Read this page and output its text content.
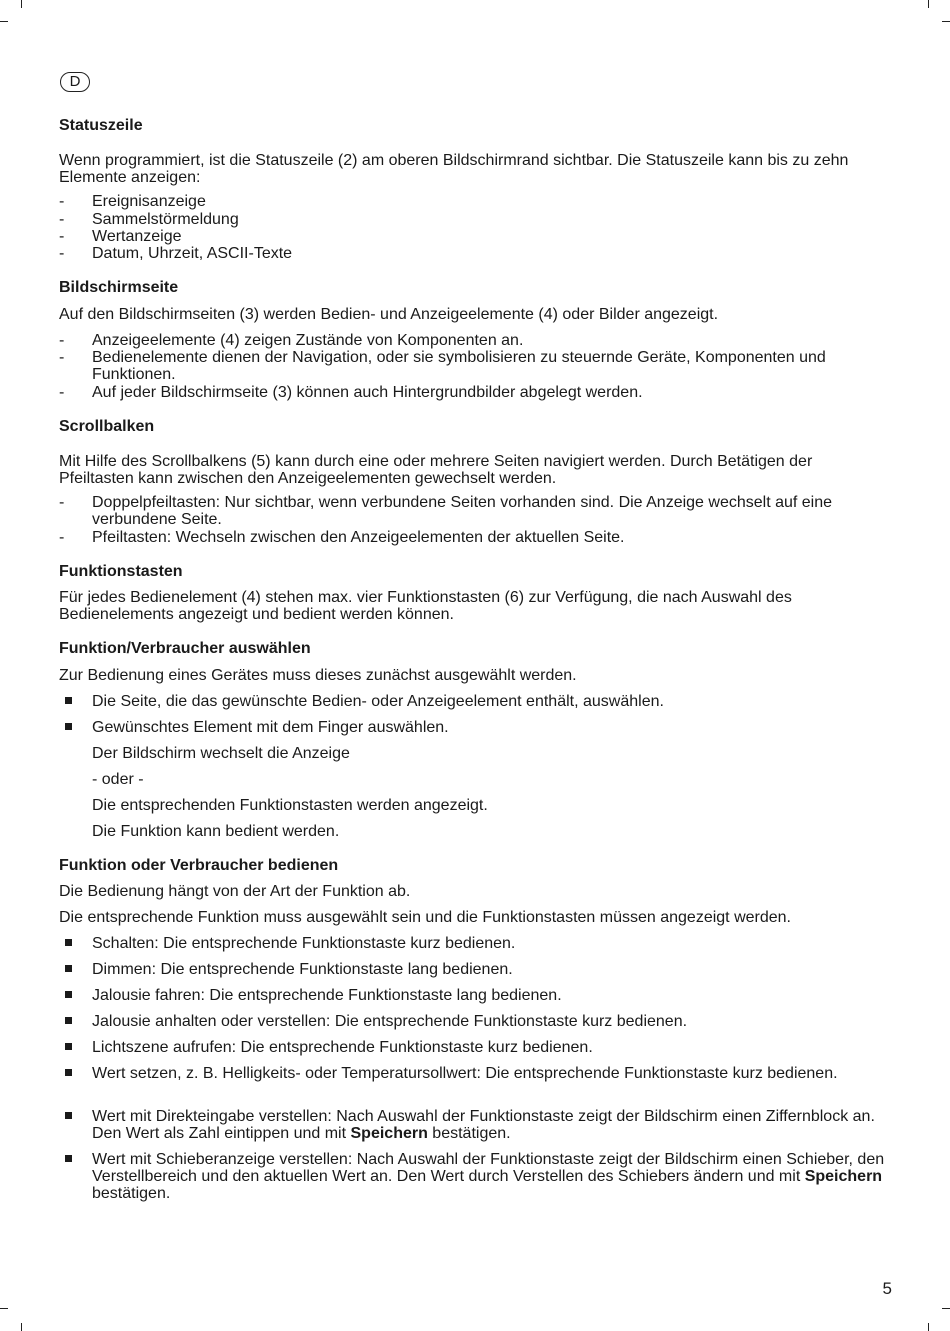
D
Statuszeile

Wenn programmiert, ist die Statuszeile (2) am oberen Bildschirmrand sichtbar. Die Statuszeile kann bis zu zehn Elemente anzeigen:

-	Ereignisanzeige
-	Sammelstörmeldung
-	Wertanzeige
-	Datum, Uhrzeit, ASCII-Texte
Bildschirmseite

Auf den Bildschirmseiten (3) werden Bedien- und Anzeigeelemente (4) oder Bilder angezeigt.

-	Anzeigeelemente (4) zeigen Zustände von Komponenten an.
-	Bedienelemente dienen der Navigation, oder sie symbolisieren zu steuernde Geräte, Komponenten und Funktionen.
-	Auf jeder Bildschirmseite (3) können auch Hintergrundbilder abgelegt werden.
Scrollbalken

Mit Hilfe des Scrollbalkens (5) kann durch eine oder mehrere Seiten navigiert werden. Durch Betätigen der Pfeiltasten kann zwischen den Anzeigeelementen gewechselt werden.

-	Doppelpfeiltasten: Nur sichtbar, wenn verbundene Seiten vorhanden sind. Die Anzeige wechselt auf eine verbundene Seite.
-	Pfeiltasten: Wechseln zwischen den Anzeigeelementen der aktuellen Seite.
Funktionstasten

Für jedes Bedienelement (4) stehen max. vier Funktionstasten (6) zur Verfügung, die nach Auswahl des Bedienelements angezeigt und bedient werden können.

Funktion/Verbraucher auswählen

Zur Bedienung eines Gerätes muss dieses zunächst ausgewählt werden.

Die Seite, die das gewünschte Bedien- oder Anzeigeelement enthält, auswählen.
Gewünschtes Element mit dem Finger auswählen.

Der Bildschirm wechselt die Anzeige

- oder -

Die entsprechenden Funktionstasten werden angezeigt.

Die Funktion kann bedient werden.

Funktion oder Verbraucher bedienen

Die Bedienung hängt von der Art der Funktion ab.

Die entsprechende Funktion muss ausgewählt sein und die Funktionstasten müssen angezeigt werden.

Schalten: Die entsprechende Funktionstaste kurz bedienen.
Dimmen: Die entsprechende Funktionstaste lang bedienen.
Jalousie fahren: Die entsprechende Funktionstaste lang bedienen.
Jalousie anhalten oder verstellen: Die entsprechende Funktionstaste kurz bedienen.
Lichtszene aufrufen: Die entsprechende Funktionstaste kurz bedienen.
Wert setzen, z. B. Helligkeits- oder Temperatursollwert: Die entsprechende Funktionstaste kurz bedienen.
Wert mit Direkteingabe verstellen: Nach Auswahl der Funktionstaste zeigt der Bildschirm einen Ziffernblock an. Den Wert als Zahl eintippen und mit Speichern bestätigen.
Wert mit Schieberanzeige verstellen: Nach Auswahl der Funktionstaste zeigt der Bildschirm einen Schieber, den Verstellbereich und den aktuellen Wert an. Den Wert durch Verstellen des Schiebers ändern und mit Speichern bestätigen.
5
